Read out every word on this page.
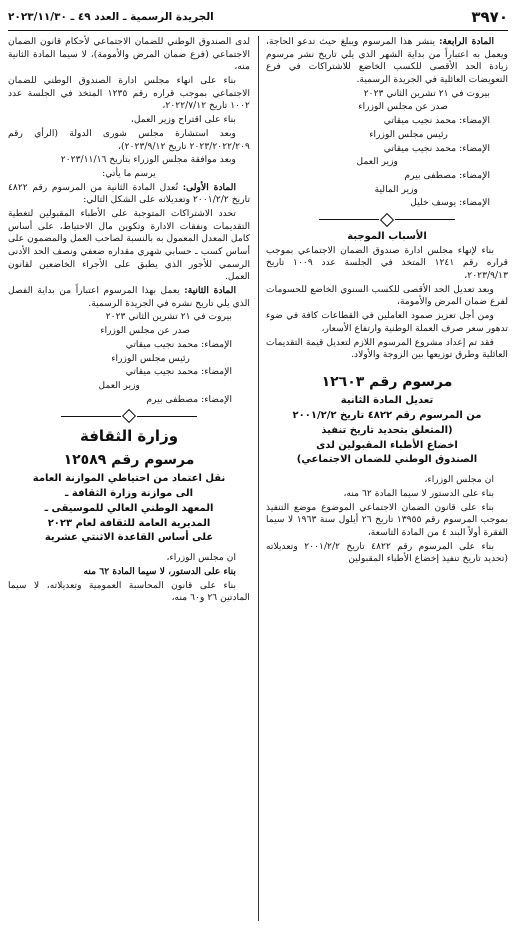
٣٩٧٠
الجريدة الرسمية ـ العدد ٤٩ ـ ٢٠٢٣/١١/٣٠

المادة الرابعة: ينشر هذا المرسوم ويبلغ حيث تدعو الحاجة، ويعمل به اعتباراً من بداية الشهر الذي يلي تاريخ نشر مرسوم زيادة الحد الأقصى للكسب الخاضع للاشتراكات في فرع التعويضات العائلية في الجريدة الرسمية.

بيروت في ٢١ تشرين الثاني ٢٠٢٣

صدر عن مجلس الوزراء

الإمضاء: محمد نجيب ميقاتي

رئيس مجلس الوزراء

الإمضاء: محمد نجيب ميقاتي

وزير العمل

الإمضاء: مصطفى بيرم

وزير المالية

الإمضاء: يوسف خليل

الأسباب الموجبة

بناء لإنهاء مجلس ادارة صندوق الضمان الاجتماعي بموجب قراره رقم ١٢٤١ المتخذ في الجلسة عدد ١٠٠٩ تاريخ ٢٠٢٣/٩/١٣،

وبعد تعديل الحد الأقصى للكسب السنوي الخاضع للحسومات لفرع ضمان المرض والأمومة،

ومن أجل تعزيز صمود العاملين في القطاعات كافة في ضوء تدهور سعر صرف العملة الوطنية وارتفاع الأسعار،

فقد تم إعداد مشروع المرسوم اللازم لتعديل قيمة التقديمات العائلية وطرق توزيعها بين الزوجة والأولاد.

مرسوم رقم ١٢٦٠٣

تعديل المادة الثانية

من المرسوم رقم ٤٨٢٢ تاريخ ٢٠٠١/٢/٢

(المتعلق بتحديد تاريخ تنفيذ

اخضاع الأطباء المقبولين لدى

الصندوق الوطني للضمان الاجتماعي)

ان مجلس الوزراء،

بناء على الدستور لا سيما المادة ٦٢ منه،

بناء على قانون الضمان الاجتماعي الموضوع موضع التنفيذ بموجب المرسوم رقم ١٣٩٥٥ تاريخ ٢٦ أيلول سنة ١٩٦٣ لا سيما الفقرة أولاً البند ٤ من المادة التاسعة،

بناء على المرسوم رقم ٤٨٢٢ تاريخ ٢٠٠١/٢/٢ وتعديلاته (تحديد تاريخ تنفيذ إخضاع الأطباء المقبولين

لدى الصندوق الوطني للضمان الاجتماعي لأحكام قانون الضمان الاجتماعي (فرع ضمان المرض والأمومة)، لا سيما المادة الثانية منه،

بناء على انهاء مجلس ادارة الصندوق الوطني للضمان الاجتماعي بموجب قراره رقم ١٢٣٥ المتخذ في الجلسة عدد ١٠٠٢ تاريخ ٢٠٢٢/٧/١٢،

بناء على اقتراح وزير العمل،

وبعد استشارة مجلس شورى الدولة (الرأي رقم ٢٠٢٣/٢٠٢٢/٢٠٩ تاريخ ٢٠٢٣/٩/١٢)،

وبعد موافقة مجلس الوزراء بتاريخ ٢٠٢٣/١١/١٦

يرسم ما يأتي:

المادة الأولى: تُعدل المادة الثانية من المرسوم رقم ٤٨٢٢ تاريخ ٢٠٠١/٢/٢ وتعديلاته على الشكل التالي:

تحدد الاشتراكات المتوجبة على الأطباء المقبولين لتغطية التقديمات ونفقات الادارة وتكوين مال الاحتياط، على أساس كامل المعدل المعمول به بالنسبة لصاحب العمل والمضمون على أساس كسب ـ حسابي شهري مقداره ضعفي ونصف الحد الأدنى الرسمي للأجور الذي يطبق على الأجراء الخاضعين لقانون العمل.

المادة الثانية: يعمل بهذا المرسوم اعتباراً من بداية الفصل الذي يلي تاريخ نشره في الجريدة الرسمية.

بيروت في ٢١ تشرين الثاني ٢٠٢٣

صدر عن مجلس الوزراء

الإمضاء: محمد نجيب ميقاتي

رئيس مجلس الوزراء

الإمضاء: محمد نجيب ميقاتي

وزير العمل

الإمضاء: مصطفى بيرم

وزارة الثقافة

مرسوم رقم ١٢٥٨٩

نقل اعتماد من احتياطي الموازنة العامة

الى موازنة وزارة الثقافة ـ

المعهد الوطني العالي للموسيقى ـ

المديرية العامة للثقافة لعام ٢٠٢٣

على أساس القاعدة الاثنتي عشرية

ان مجلس الوزراء،

بناء على الدستور، لا سيما المادة ٦٢ منه

بناء على قانون المحاسبة العمومية وتعديلاته، لا سيما المادتين ٢٦ و٦٠ منه،
